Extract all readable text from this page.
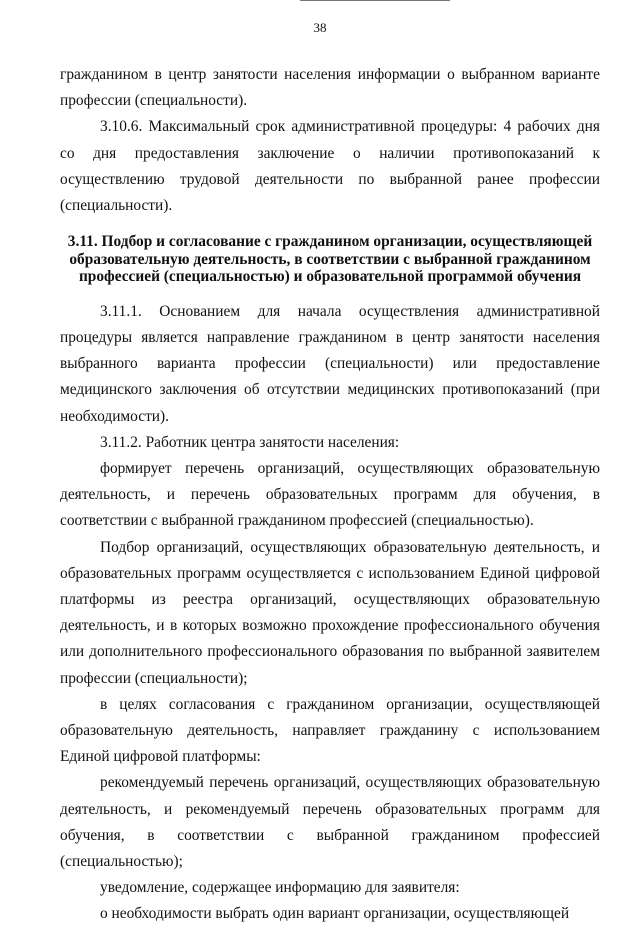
38

гражданином в центр занятости населения информации о выбранном варианте профессии (специальности).

3.10.6. Максимальный срок административной процедуры: 4 рабочих дня со дня предоставления заключение о наличии противопоказаний к осуществлению трудовой деятельности по выбранной ранее профессии (специальности).

3.11. Подбор и согласование с гражданином организации, осуществляющей образовательную деятельность, в соответствии с выбранной гражданином профессией (специальностью) и образовательной программой обучения

3.11.1. Основанием для начала осуществления административной процедуры является направление гражданином в центр занятости населения выбранного варианта профессии (специальности) или предоставление медицинского заключения об отсутствии медицинских противопоказаний (при необходимости).

3.11.2. Работник центра занятости населения:

формирует перечень организаций, осуществляющих образовательную деятельность, и перечень образовательных программ для обучения, в соответствии с выбранной гражданином профессией (специальностью).

Подбор организаций, осуществляющих образовательную деятельность, и образовательных программ осуществляется с использованием Единой цифровой платформы из реестра организаций, осуществляющих образовательную деятельность, и в которых возможно прохождение профессионального обучения или дополнительного профессионального образования по выбранной заявителем профессии (специальности);

в целях согласования с гражданином организации, осуществляющей образовательную деятельность, направляет гражданину с использованием Единой цифровой платформы:

рекомендуемый перечень организаций, осуществляющих образовательную деятельность, и рекомендуемый перечень образовательных программ для обучения, в соответствии с выбранной гражданином профессией (специальностью);

уведомление, содержащее информацию для заявителя:

о необходимости выбрать один вариант организации, осуществляющей
